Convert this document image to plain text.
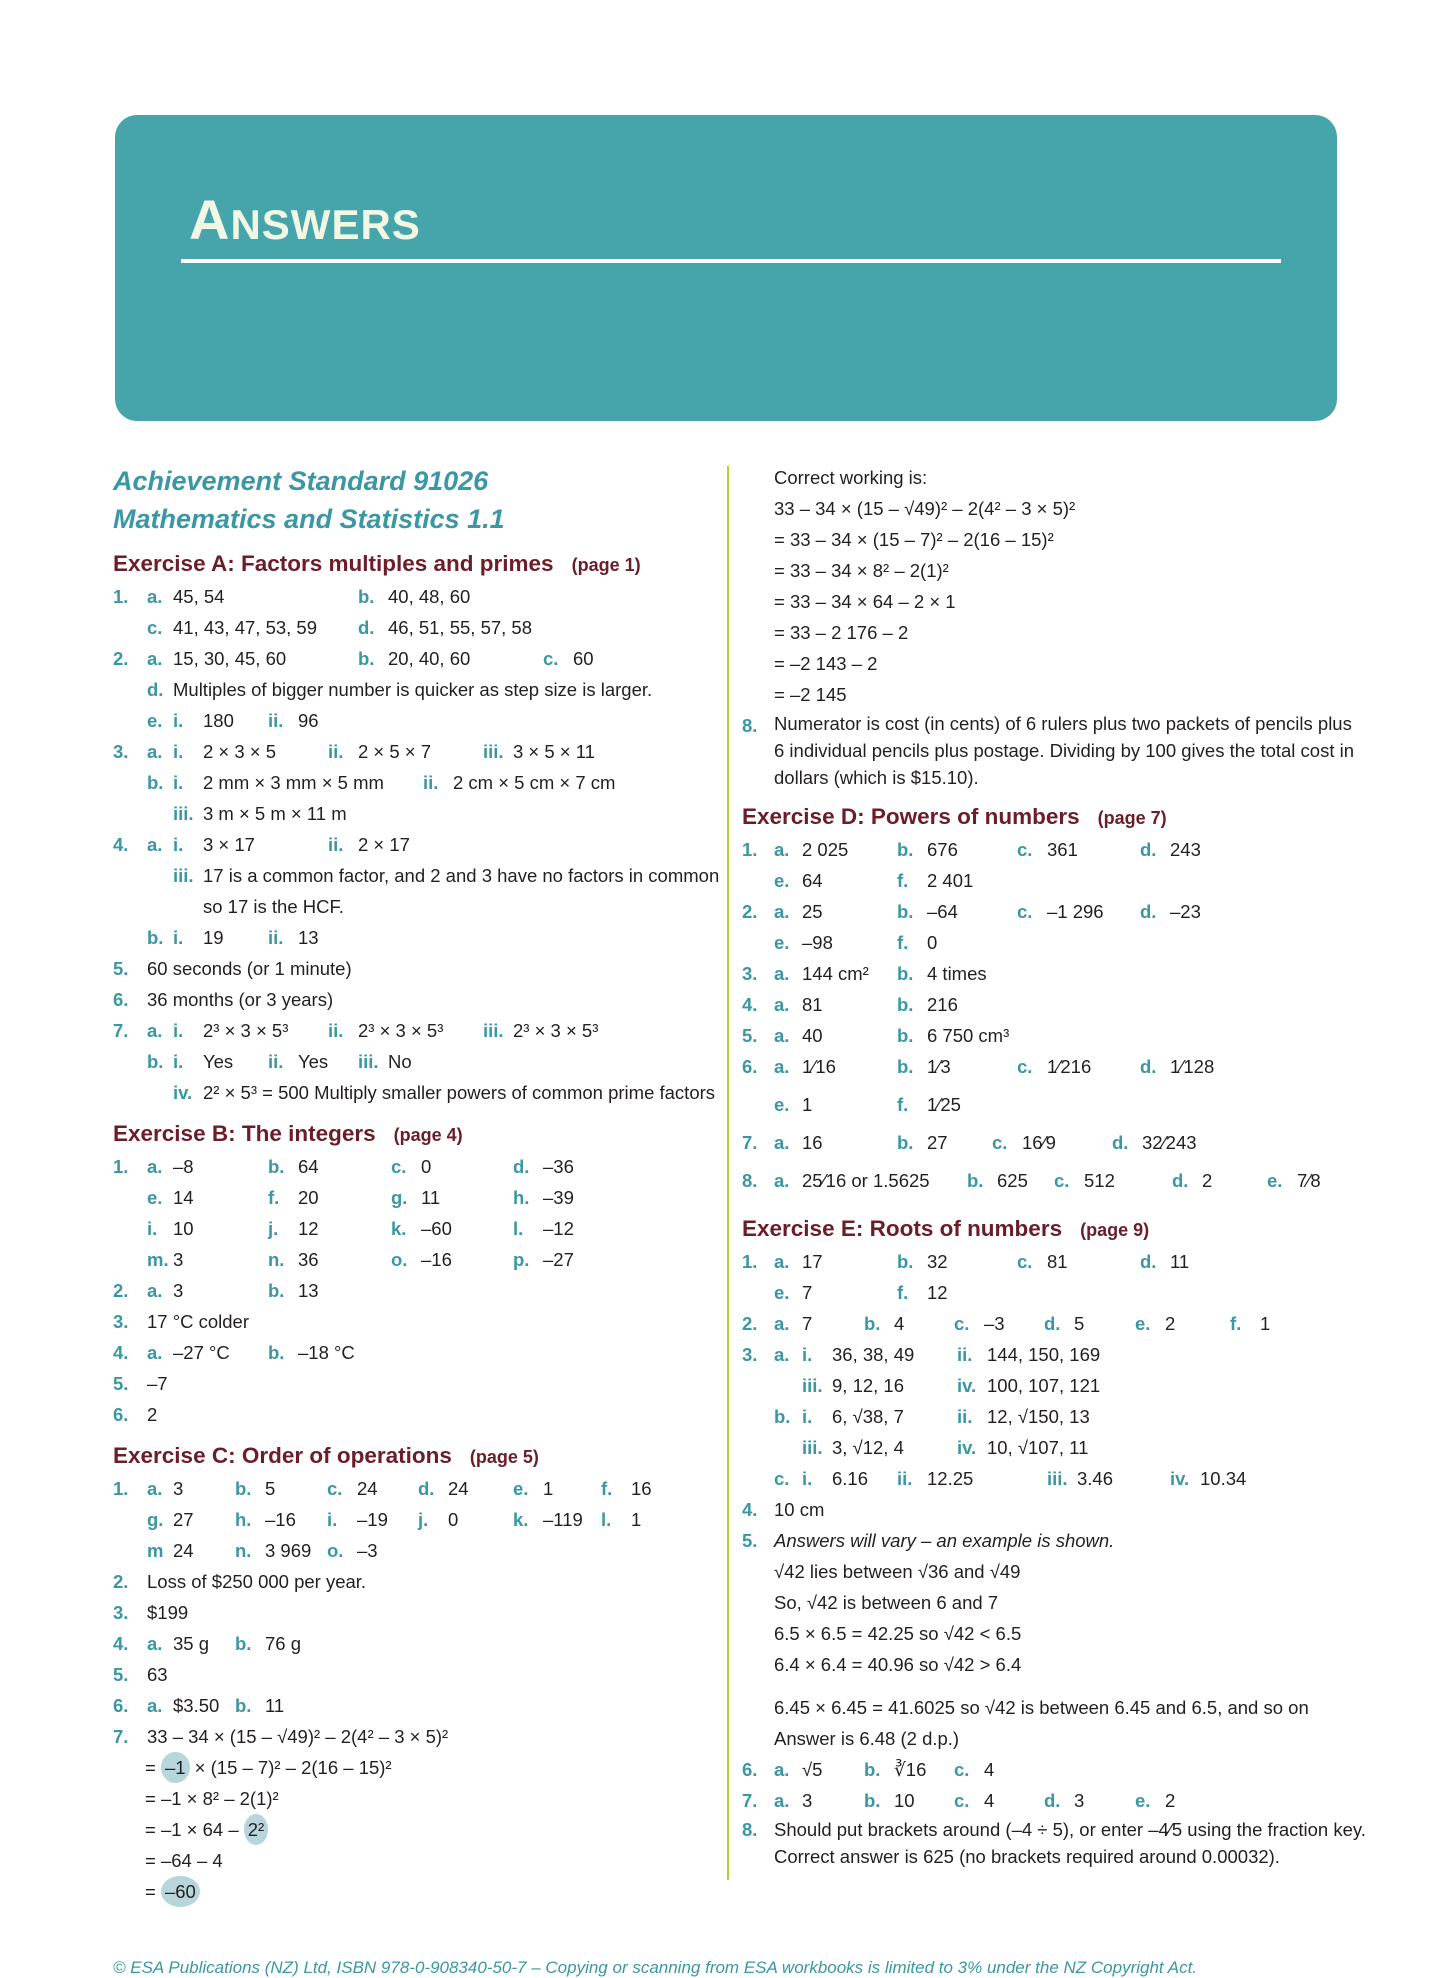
ANSWERS
Achievement Standard 91026
Mathematics and Statistics 1.1
Exercise A: Factors multiples and primes (page 1)
1. a. 45, 54	b. 40, 48, 60
c. 41, 43, 47, 53, 59 d. 46, 51, 55, 57, 58
2. a. 15, 30, 45, 60	b. 20, 40, 60	c. 60
d. Multiples of bigger number is quicker as step size is larger.
e. i. 180 ii. 96
3. a. i. 2 × 3 × 5	ii. 2 × 5 × 7	iii. 3 × 5 × 11
b. i. 2 mm × 3 mm × 5 mm ii. 2 cm × 5 cm × 7 cm
iii. 3 m × 5 m × 11 m
4. a. i. 3 × 17	ii. 2 × 17
iii. 17 is a common factor, and 2 and 3 have no factors in common
so 17 is the HCF.
b. i. 19 ii. 13
5. 60 seconds (or 1 minute)
6. 36 months (or 3 years)
7. a. i. 2³ × 3 × 5³ ii. 2³ × 3 × 5³ iii. 2³ × 3 × 5³
b. i. Yes ii. Yes iii. No
iv. 2² × 5³ = 500 Multiply smaller powers of common prime factors
Exercise B: The integers (page 4)
1. a. –8	b. 64	c. 0	d. –36
e. 14	f. 20	g. 11	h. –39
i. 10	j. 12	k. –60	l. –12
m. 3	n. 36	o. –16	p. –27
2. a. 3	b. 13
3. 17 °C colder
4. a. –27 °C b. –18 °C
5. –7
6. 2
Exercise C: Order of operations (page 5)
1. a. 3	b. 5	c. 24 d. 24 e. 1	f. 16
g. 27 h. –16 i. –19 j. 0	k. –119 l. 1
m 24 n. 3 969 o. –3
2. Loss of $250 000 per year.
3. $199
4. a. 35 g b. 76 g
5. 63
6. a. $3.50 b. 11
7. 33 – 34 × (15 – √49)² – 2(4² – 3 × 5)²
= –1 × (15 – 7)² – 2(16 – 15)²
= –1 × 8² – 2(1)²
= –1 × 64 – 2²
= –64 – 4
= –60
Correct working is:
33 – 34 × (15 – √49)² – 2(4² – 3 × 5)²
= 33 – 34 × (15 – 7)² – 2(16 – 15)²
= 33 – 34 × 8² – 2(1)²
= 33 – 34 × 64 – 2 × 1
= 33 – 2 176 – 2
= –2 143 – 2
= –2 145
8. Numerator is cost (in cents) of 6 rulers plus two packets of pencils plus
6 individual pencils plus postage. Dividing by 100 gives the total cost in
dollars (which is $15.10).
Exercise D: Powers of numbers (page 7)
1. a. 2 025	b. 676	c. 361	d. 243
e. 64	f. 2 401
2. a. 25	b. –64	c. –1 296 d. –23
e. –98	f. 0
3. a. 144 cm² b. 4 times
4. a. 81	b. 216
5. a. 40	b. 6 750 cm³
6. a. 1⁄16	b. 1⁄3	c. 1⁄216	d. 1⁄128
e. 1	f. 1⁄25
7. a. 16	b. 27 c. 16⁄9	d. 32⁄243
8. a. 25⁄16 or 1.5625 b. 625 c. 512	d. 2	e. 7⁄8
Exercise E: Roots of numbers (page 9)
1. a. 17	b. 32	c. 81	d. 11
e. 7	f. 12
2. a. 7	b. 4	c. –3 d. 5	e. 2	f. 1
3. a. i. 36, 38, 49 ii. 144, 150, 169
iii. 9, 12, 16	iv. 100, 107, 121
b. i. 6, √38, 7	ii. 12, √150, 13
iii. 3, √12, 4	iv. 10, √107, 11
c. i. 6.16 ii. 12.25	iii. 3.46	iv. 10.34
4. 10 cm
5. Answers will vary – an example is shown.
√42 lies between √36 and √49
So, √42 is between 6 and 7
6.5 × 6.5 = 42.25 so √42 < 6.5
6.4 × 6.4 = 40.96 so √42 > 6.4
6.45 × 6.45 = 41.6025 so √42 is between 6.45 and 6.5, and so on
Answer is 6.48 (2 d.p.)
6. a. √5 b. ∛16 c. 4
7. a. 3	b. 10 c. 4	d. 3	e. 2
8. Should put brackets around (–4 ÷ 5), or enter –4⁄5 using the fraction key.
Correct answer is 625 (no brackets required around 0.00032).
© ESA Publications (NZ) Ltd, ISBN 978-0-908340-50-7 – Copying or scanning from ESA workbooks is limited to 3% under the NZ Copyright Act.
